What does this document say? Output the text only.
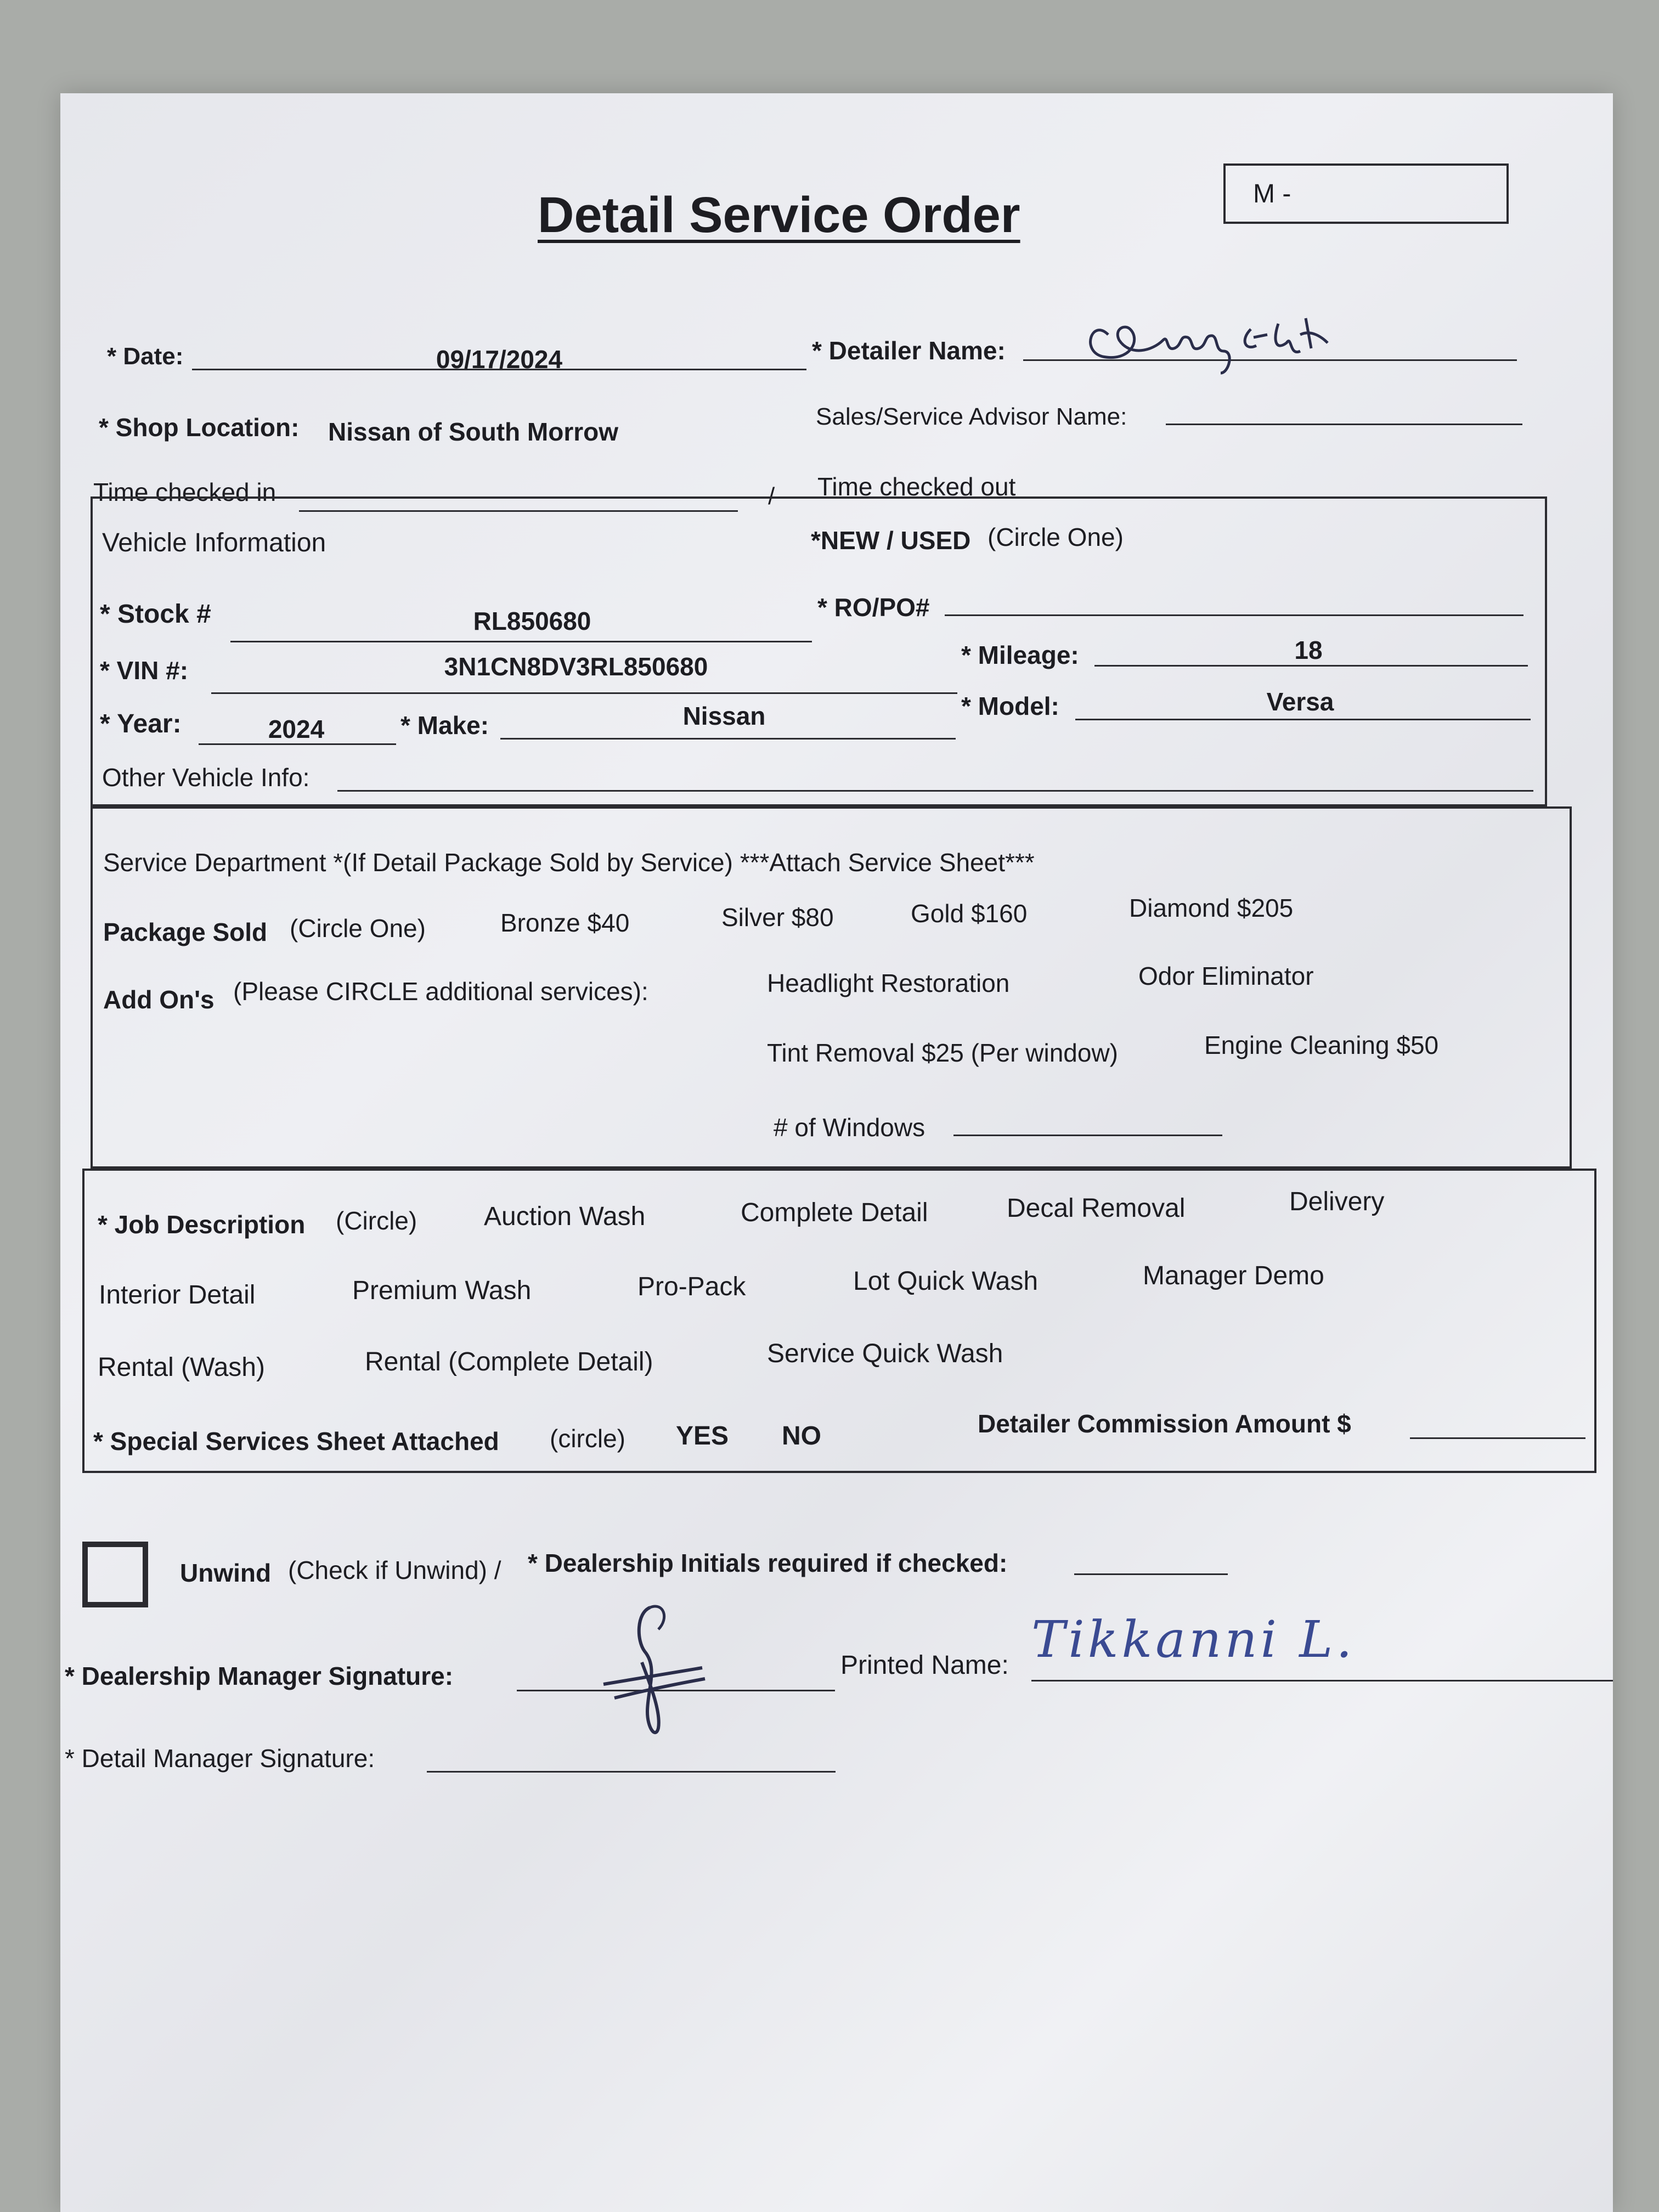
Detail Service Order	M -
* Date:	09/17/2024	* Detailer Name:
* Shop Location: Nissan of South Morrow
Sales/Service Advisor Name:
Time checked in	/ Time checked out
Vehicle Information	*NEW / USED (Circle One)
* Stock #	RL850680	* RO/PO#
* VIN #:	3N1CN8DV3RL850680	* Mileage:	18
* Year:	2024	* Make:	Nissan	* Model:	Versa
Other Vehicle Info:
Service Department *(If Detail Package Sold by Service) ***Attach Service Sheet***
Package Sold (Circle One)	Bronze $40	Silver $80	Gold $160	Diamond $205
Add On's (Please CIRCLE additional services):	Headlight Restoration	Odor Eliminator
Tint Removal $25 (Per window)	Engine Cleaning $50
# of Windows
* Job Description (Circle)	Auction Wash	Complete Detail	Decal Removal	Delivery
Interior Detail	Premium Wash	Pro-Pack	Lot Quick Wash	Manager Demo
Rental (Wash)	Rental (Complete Detail)	Service Quick Wash
* Special Services Sheet Attached (circle) YES NO	Detailer Commission Amount $
Unwind (Check if Unwind) / * Dealership Initials required if checked:
* Dealership Manager Signature:	Printed Name: Tikkanni L.
* Detail Manager Signature:
